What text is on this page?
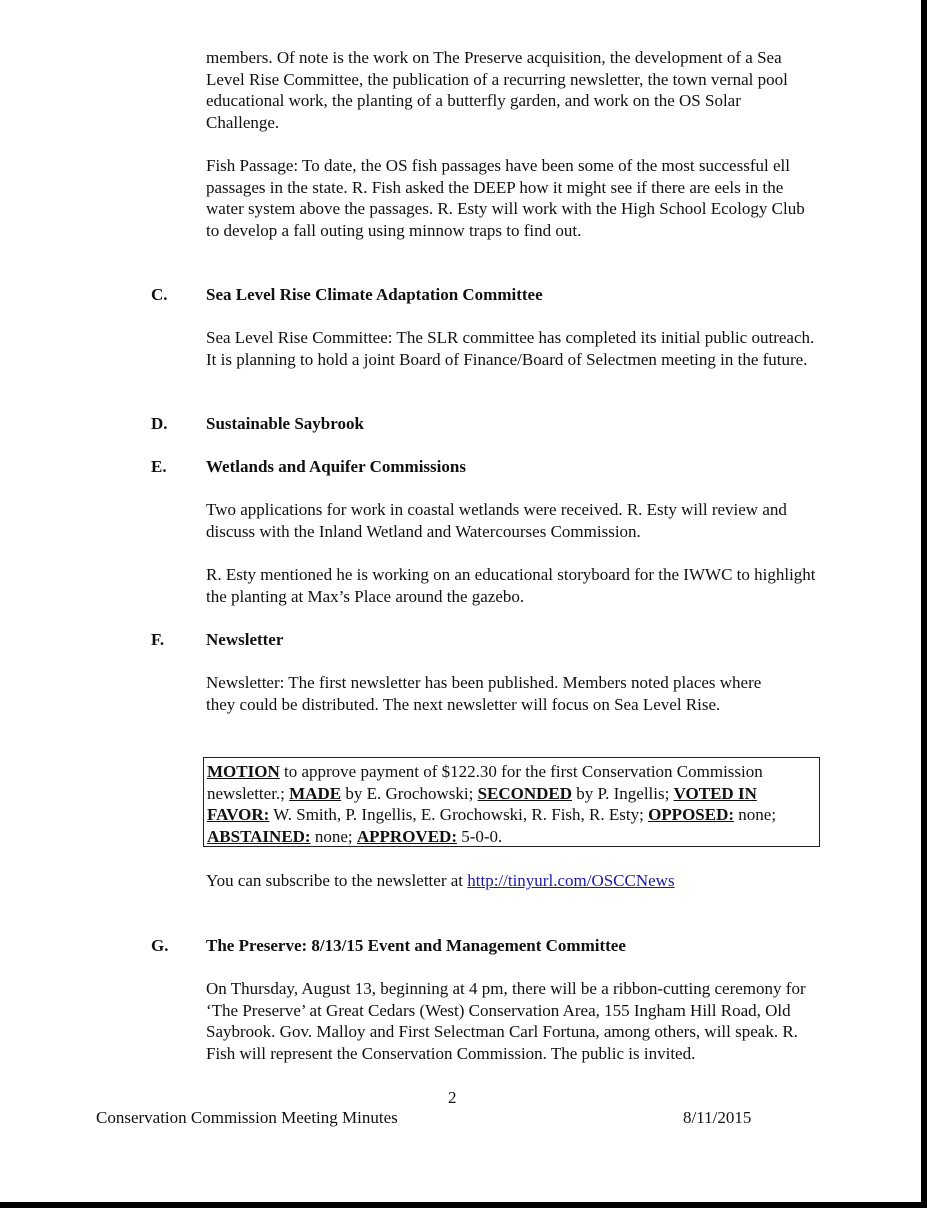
members. Of note is the work on The Preserve acquisition, the development of a Sea Level Rise Committee, the publication of a recurring newsletter, the town vernal pool educational work, the planting of a butterfly garden, and work on the OS Solar Challenge.

Fish Passage: To date, the OS fish passages have been some of the most successful ell passages in the state. R. Fish asked the DEEP how it might see if there are eels in the water system above the passages. R. Esty will work with the High School Ecology Club to develop a fall outing using minnow traps to find out.

C. Sea Level Rise Climate Adaptation Committee

Sea Level Rise Committee: The SLR committee has completed its initial public outreach. It is planning to hold a joint Board of Finance/Board of Selectmen meeting in the future.

D. Sustainable Saybrook
E. Wetlands and Aquifer Commissions

Two applications for work in coastal wetlands were received. R. Esty will review and discuss with the Inland Wetland and Watercourses Commission.

R. Esty mentioned he is working on an educational storyboard for the IWWC to highlight the planting at Max’s Place around the gazebo.

F. Newsletter

Newsletter: The first newsletter has been published. Members noted places where they could be distributed. The next newsletter will focus on Sea Level Rise.

MOTION to approve payment of $122.30 for the first Conservation Commission newsletter.; MADE by E. Grochowski; SECONDED by P. Ingellis; VOTED IN FAVOR: W. Smith, P. Ingellis, E. Grochowski, R. Fish, R. Esty; OPPOSED: none; ABSTAINED: none; APPROVED: 5-0-0.
You can subscribe to the newsletter at http://tinyurl.com/OSCCNews
G. The Preserve: 8/13/15 Event and Management Committee

On Thursday, August 13, beginning at 4 pm, there will be a ribbon-cutting ceremony for ‘The Preserve’ at Great Cedars (West) Conservation Area, 155 Ingham Hill Road, Old Saybrook. Gov. Malloy and First Selectman Carl Fortuna, among others, will speak. R. Fish will represent the Conservation Commission. The public is invited.

2
Conservation Commission Meeting Minutes	8/11/2015
